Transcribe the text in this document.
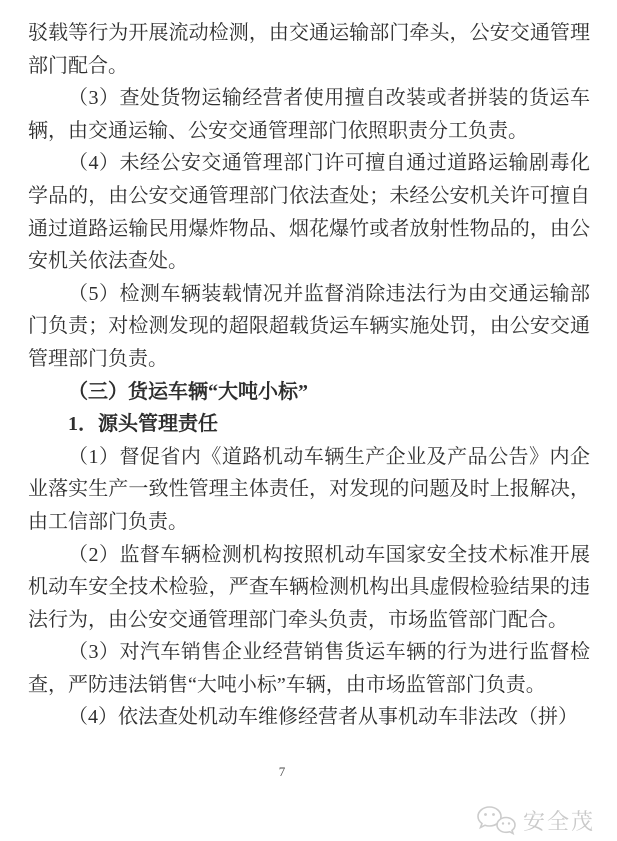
驳载等行为开展流动检测，由交通运输部门牵头，公安交通管理部门配合。

（3）查处货物运输经营者使用擅自改装或者拼装的货运车辆，由交通运输、公安交通管理部门依照职责分工负责。

（4）未经公安交通管理部门许可擅自通过道路运输剧毒化学品的，由公安交通管理部门依法查处；未经公安机关许可擅自通过道路运输民用爆炸物品、烟花爆竹或者放射性物品的，由公安机关依法查处。

（5）检测车辆装载情况并监督消除违法行为由交通运输部门负责；对检测发现的超限超载货运车辆实施处罚，由公安交通管理部门负责。

（三）货运车辆“大吨小标”

1．源头管理责任

（1）督促省内《道路机动车辆生产企业及产品公告》内企业落实生产一致性管理主体责任，对发现的问题及时上报解决，由工信部门负责。

（2）监督车辆检测机构按照机动车国家安全技术标准开展机动车安全技术检验，严查车辆检测机构出具虚假检验结果的违法行为，由公安交通管理部门牵头负责，市场监管部门配合。

（3）对汽车销售企业经营销售货运车辆的行为进行监督检查，严防违法销售“大吨小标”车辆，由市场监管部门负责。

（4）依法查处机动车维修经营者从事机动车非法改（拼）

7
安全茂
